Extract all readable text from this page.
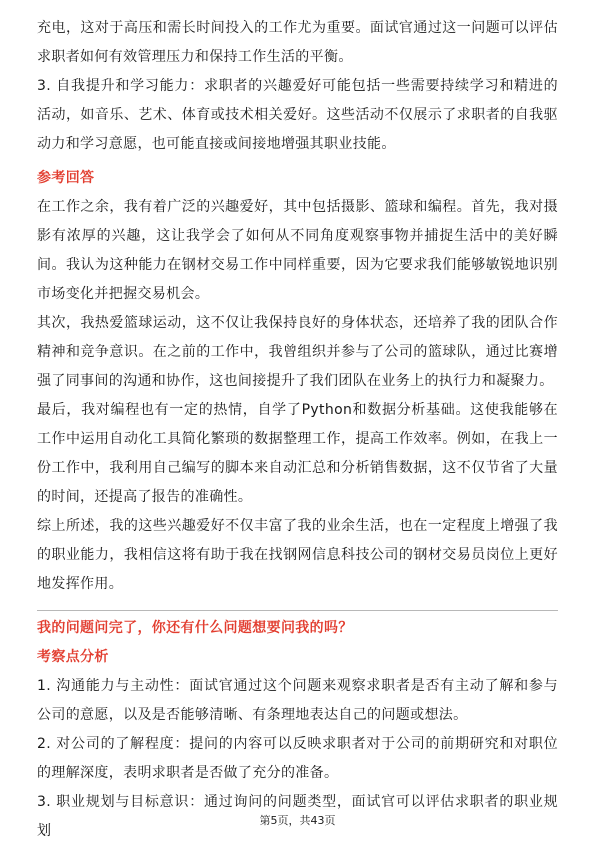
充电，这对于高压和需长时间投入的工作尤为重要。面试官通过这一问题可以评估求职者如何有效管理压力和保持工作生活的平衡。

3. 自我提升和学习能力：求职者的兴趣爱好可能包括一些需要持续学习和精进的活动，如音乐、艺术、体育或技术相关爱好。这些活动不仅展示了求职者的自我驱动力和学习意愿，也可能直接或间接地增强其职业技能。

参考回答

在工作之余，我有着广泛的兴趣爱好，其中包括摄影、篮球和编程。首先，我对摄影有浓厚的兴趣，这让我学会了如何从不同角度观察事物并捕捉生活中的美好瞬间。我认为这种能力在钢材交易工作中同样重要，因为它要求我们能够敏锐地识别市场变化并把握交易机会。

其次，我热爱篮球运动，这不仅让我保持良好的身体状态，还培养了我的团队合作精神和竞争意识。在之前的工作中，我曾组织并参与了公司的篮球队，通过比赛增强了同事间的沟通和协作，这也间接提升了我们团队在业务上的执行力和凝聚力。

最后，我对编程也有一定的热情，自学了Python和数据分析基础。这使我能够在工作中运用自动化工具简化繁琐的数据整理工作，提高工作效率。例如，在我上一份工作中，我利用自己编写的脚本来自动汇总和分析销售数据，这不仅节省了大量的时间，还提高了报告的准确性。

综上所述，我的这些兴趣爱好不仅丰富了我的业余生活，也在一定程度上增强了我的职业能力，我相信这将有助于我在找钢网信息科技公司的钢材交易员岗位上更好地发挥作用。

我的问题问完了，你还有什么问题想要问我的吗？
考察点分析

1. 沟通能力与主动性：面试官通过这个问题来观察求职者是否有主动了解和参与公司的意愿，以及是否能够清晰、有条理地表达自己的问题或想法。

2. 对公司的了解程度：提问的内容可以反映求职者对于公司的前期研究和对职位的理解深度，表明求职者是否做了充分的准备。

3. 职业规划与目标意识：通过询问的问题类型，面试官可以评估求职者的职业规划

第5页，共43页
